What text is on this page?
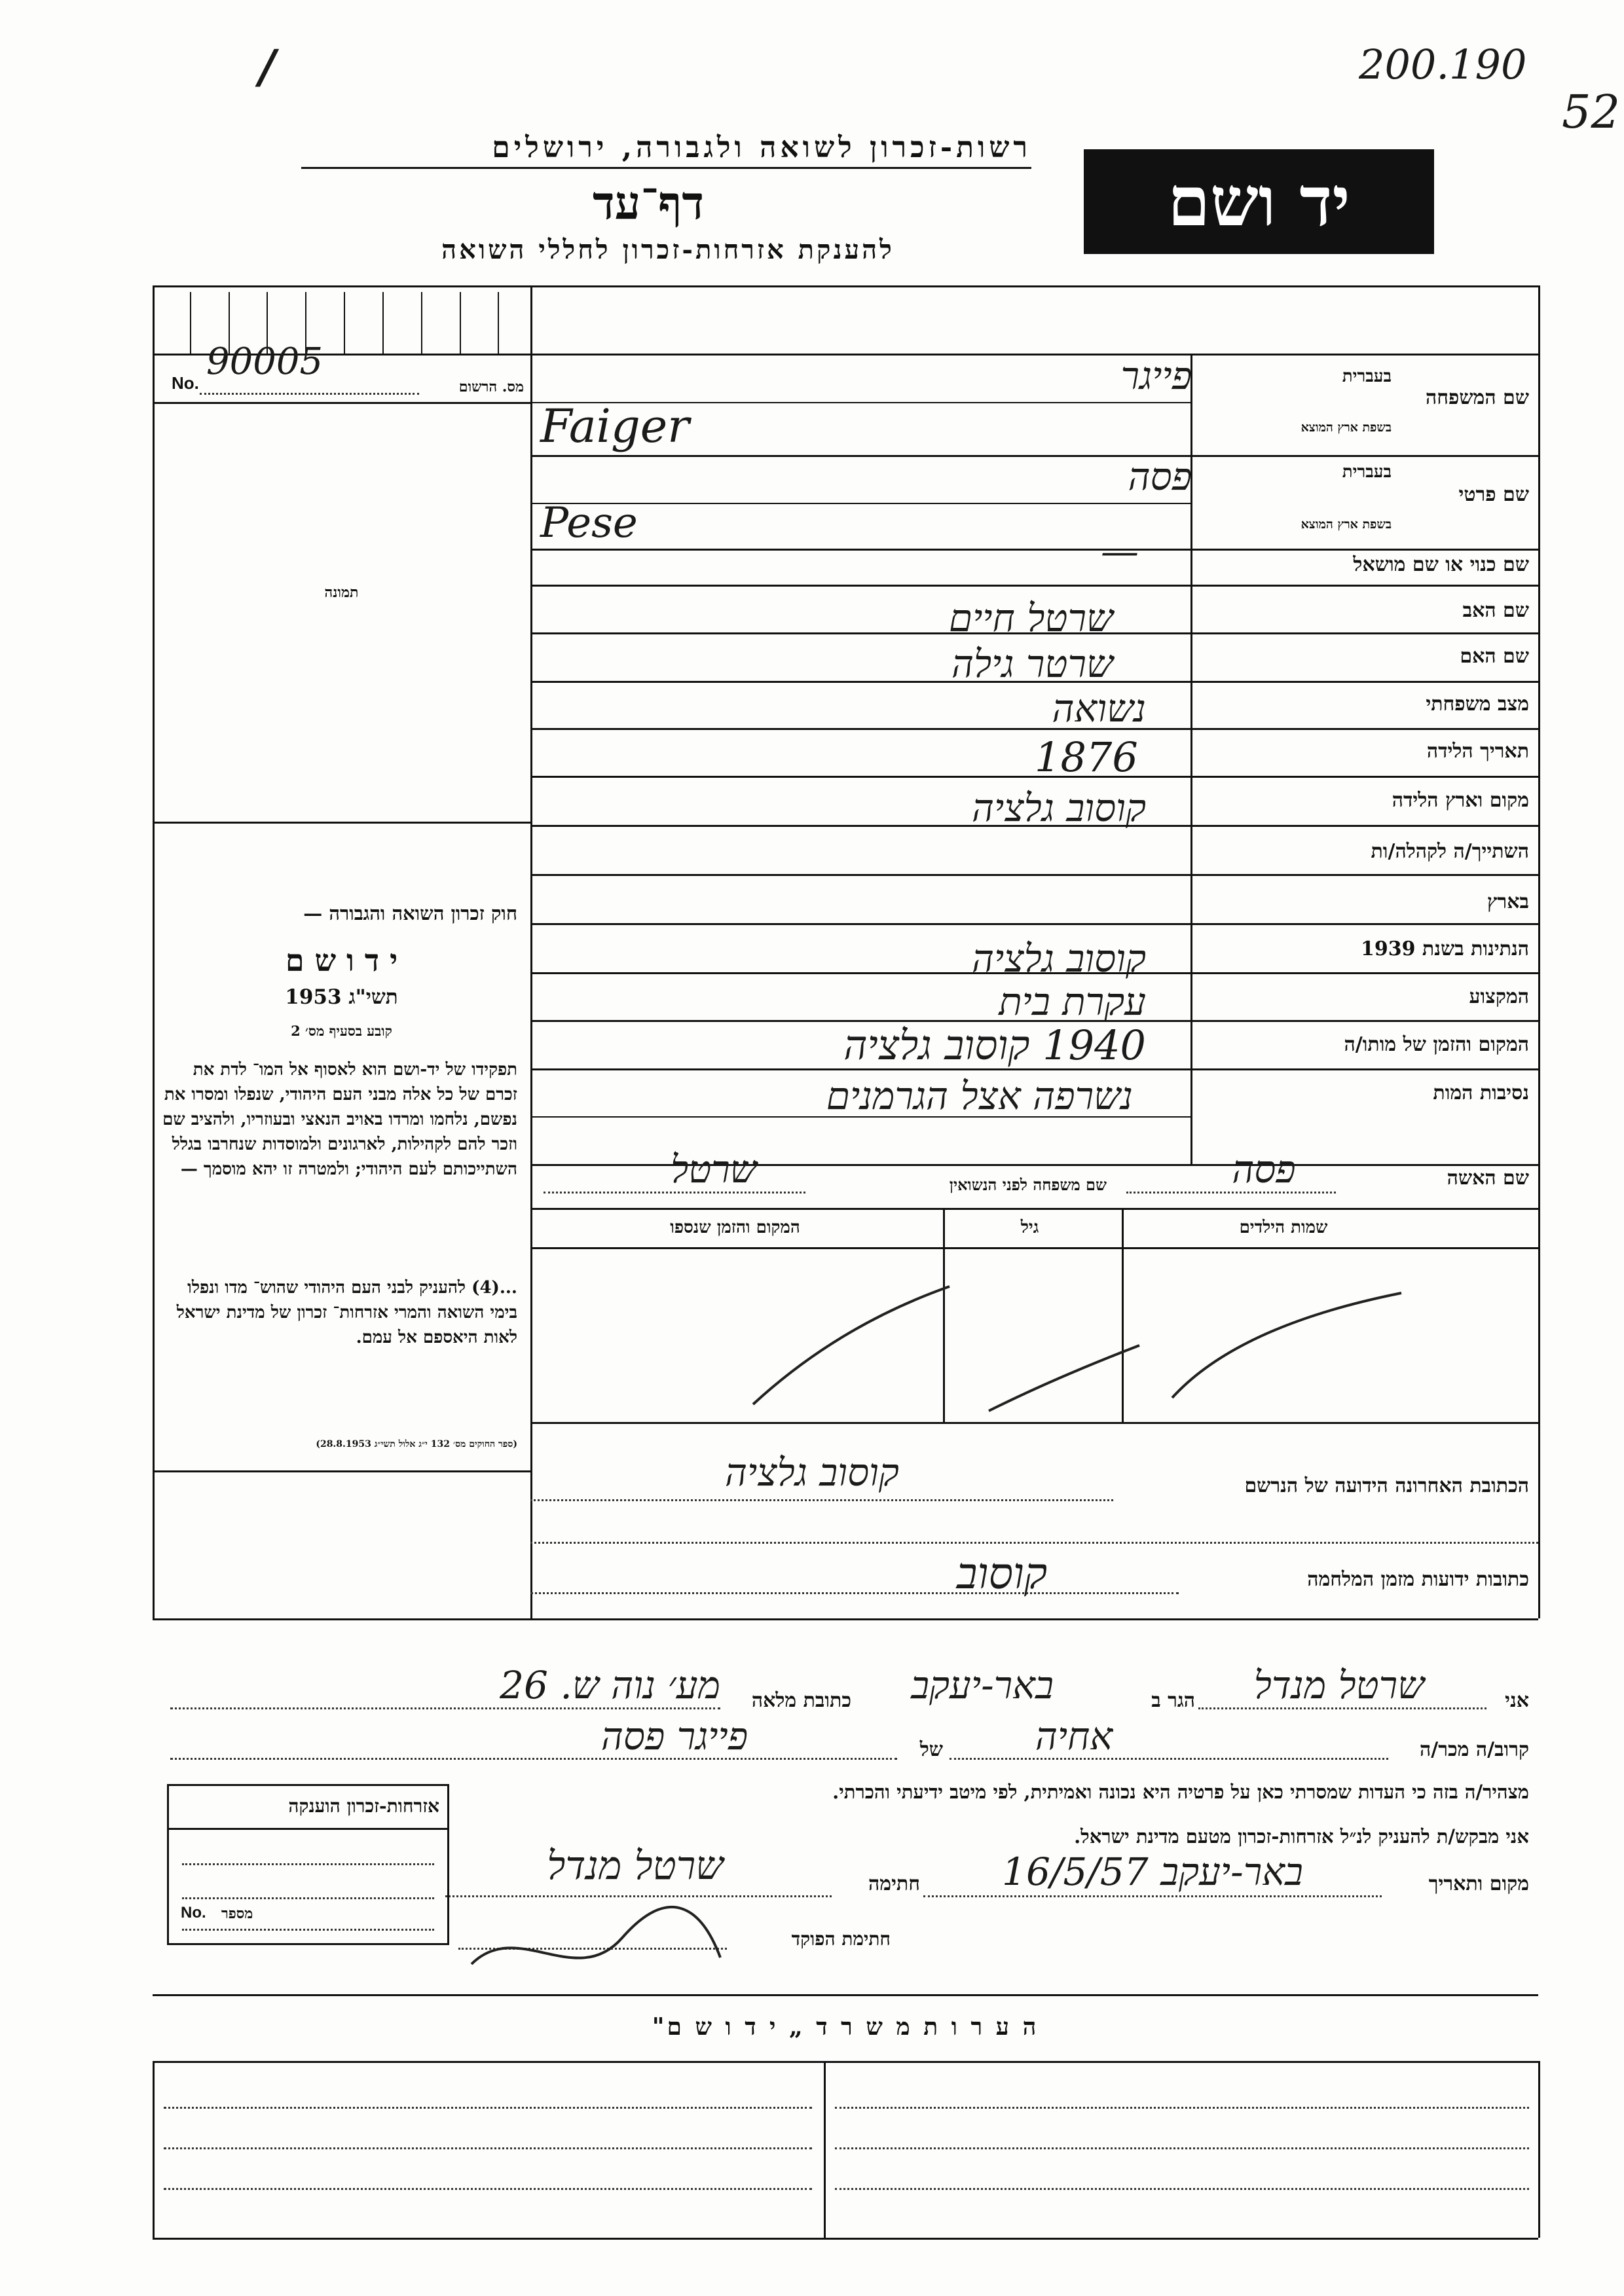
/	200.190
52
רשות-זכרון לשואה ולגבורה, ירושלים
דף־עד
להענקת אזרחות-זכרון לחללי השואה
יד ושם
No. 90005
מס. הרשום
תמונה
חוק זכרון השואה והגבורה —
י ד ו ש ם
תשי"ג 1953
קובע בסעיף מס׳ 2
תפקידו של יד-ושם הוא לאסוף אל המו־ לדת את זכרם של כל אלה מבני העם היהודי, שנפלו ומסרו את נפשם, נלחמו ומרדו באויב הנאצי ובעוזריו, ולהציב שם וזכר להם לקהילות, לארגונים ולמוסדות שנחרבו בגלל השתייכותם לעם היהודי; ולמטרה זו יהא מוסמך —
...(4) להעניק לבני העם היהודי שהוש־ מדו ונפלו בימי השואה והמרי אזרחות־ זכרון של מדינת ישראל לאות היאספם אל עמם.
(ספר החוקים מס׳ 132 י״ג אלול תשי״ג 28.8.1953)
שם המשפחה
בעברית
בשפת ארץ המוצא
פייגר
Faiger
שם פרטי
בעברית
בשפת ארץ המוצא
פסה
Pese
שם כנוי או שם מושאל
—
שם האב
שרטל חיים
שם האם
שרטר גילה
מצב משפחתי
נשואה
תאריך הלידה
1876
מקום וארץ הלידה
קוסוב גלציה
השתייך/ה לקהלה/ות
בארץ
הנתינות בשנת 1939
קוסוב גלציה
המקצוע
עקרת בית
המקום והזמן של מותו/ה
1940 קוסוב גלציה
נסיבות המות
נשרפה אצל הגרמנים
שם האשה
פסה
שם משפחה לפני הנשואין
שרטל
שמות הילדים
גיל
המקום והזמן שנספו
הכתובת האחרונה הידועה של הנרשם
קוסוב גלציה
כתובות ידועות מזמן המלחמה
קוסוב
אני
שרטל מנדל
הגר ב
באר-יעקב
כתובת מלאה
מע׳ נוה ש. 26
קרוב/ה מכר/ה
אחיה
של
פייגר פסה
מצהיר/ה בזה כי העדות שמסרתי כאן על פרטיה היא נכונה ואמיתית, לפי מיטב ידיעתי והכרתי.
אני מבקש/ת להעניק לנ״ל אזרחות-זכרון מטעם מדינת ישראל.
מקום ותאריך
באר-יעקב 16/5/57
חתימה
שרטל מנדל
חתימת הפוקד
אזרחות-זכרון הוענקה
No. מספר
ה ע ר ו ת מ ש ר ד „ י ד ו ש ם"
